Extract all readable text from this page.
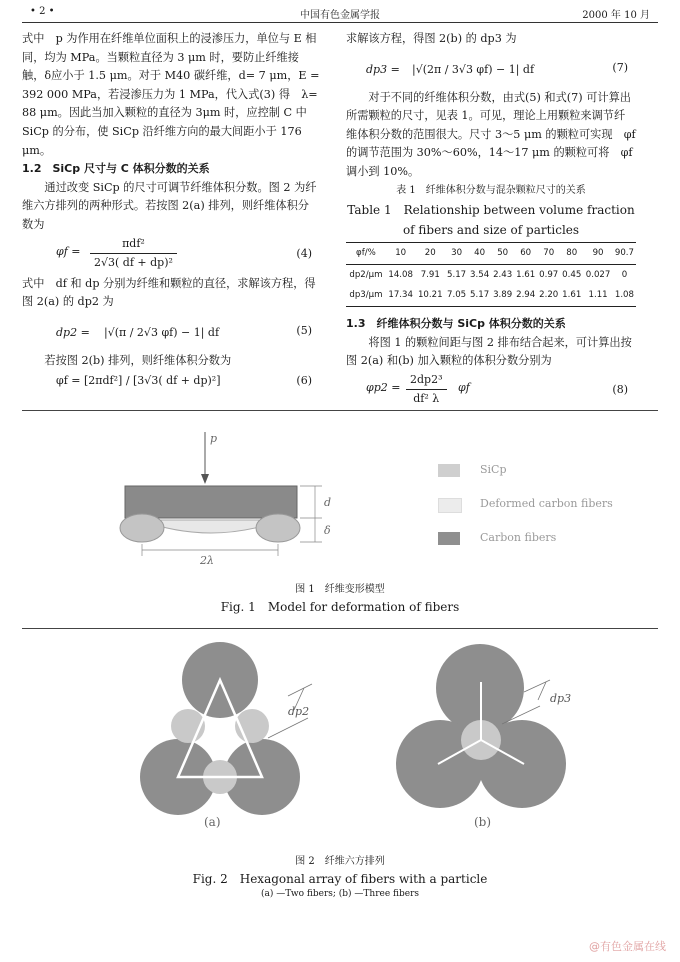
• 2 •	中国有色金属学报	2000 年 10 月

式中　p 为作用在纤维单位面积上的浸渗压力，单位与 E 相同，均为 MPa。当颗粒直径为 3 μm 时，要防止纤维接触，δ应小于 1.5 μm。对于 M40 碳纤维，d= 7 μm，E = 392 000 MPa，若浸渗压力为 1 MPa，代入式(3) 得　λ= 88 μm。因此当加入颗粒的直径为 3μm 时，应控制 C 中 SiCp 的分布，使 SiCp 沿纤维方向的最大间距小于 176 μm。

1.2　SiCp 尺寸与 C 体积分数的关系

通过改变 SiCp 的尺寸可调节纤维体积分数。图 2 为纤维六方排列的两种形式。若按图 2(a) 排列，则纤维体积分数为

φf =
πdf²
2√3( df + dp)²
(4)

式中　df 和 dp 分别为纤维和颗粒的直径，求解该方程，得图 2(a) 的 dp2 为

dp2 = |√(π / 2√3 φf) − 1| df	(5)

若按图 2(b) 排列，则纤维体积分数为

φf = [2πdf²] / [3√3( df + dp)²]	(6)

求解该方程，得图 2(b) 的 dp3 为

dp3 = |√(2π / 3√3 φf) − 1| df	(7)

对于不同的纤维体积分数，由式(5) 和式(7) 可计算出所需颗粒的尺寸，见表 1。可见，理论上用颗粒来调节纤维体积分数的范围很大。尺寸 3～5 μm 的颗粒可实现　φf 的调节范围为 30%～60%，14～17 μm 的颗粒可将　φf 调小到 10%。

表 1　纤维体积分数与混杂颗粒尺寸的关系

Table 1　Relationship between volume fraction of fibers and size of particles

φf/%	10	20	30	40	50	60	70	80	90	90.7
dp2/μm	14.08	7.91	5.17	3.54	2.43	1.61	0.97	0.45	0.027	0
dp3/μm	17.34	10.21	7.05	5.17	3.89	2.94	2.20	1.61	1.11	1.08

1.3　纤维体积分数与 SiCp 体积分数的关系

将图 1 的颗粒间距与图 2 排布结合起来，可计算出按图 2(a) 和(b) 加入颗粒的体积分数分别为

$\varphi p2 = \frac{\text{2dp2³}}{\text{df² λ}}$ φf	(8)
p
d
δ
2λ
SiCp
Deformed carbon fibers
Carbon fibers
图 1　纤维变形模型
Fig. 1　Model for deformation of fibers
dp2
(a)
dp3
(b)
图 2　纤维六方排列
Fig. 2　Hexagonal array of fibers with a particle
(a) —Two fibers; (b) —Three fibers
@有色金属在线
